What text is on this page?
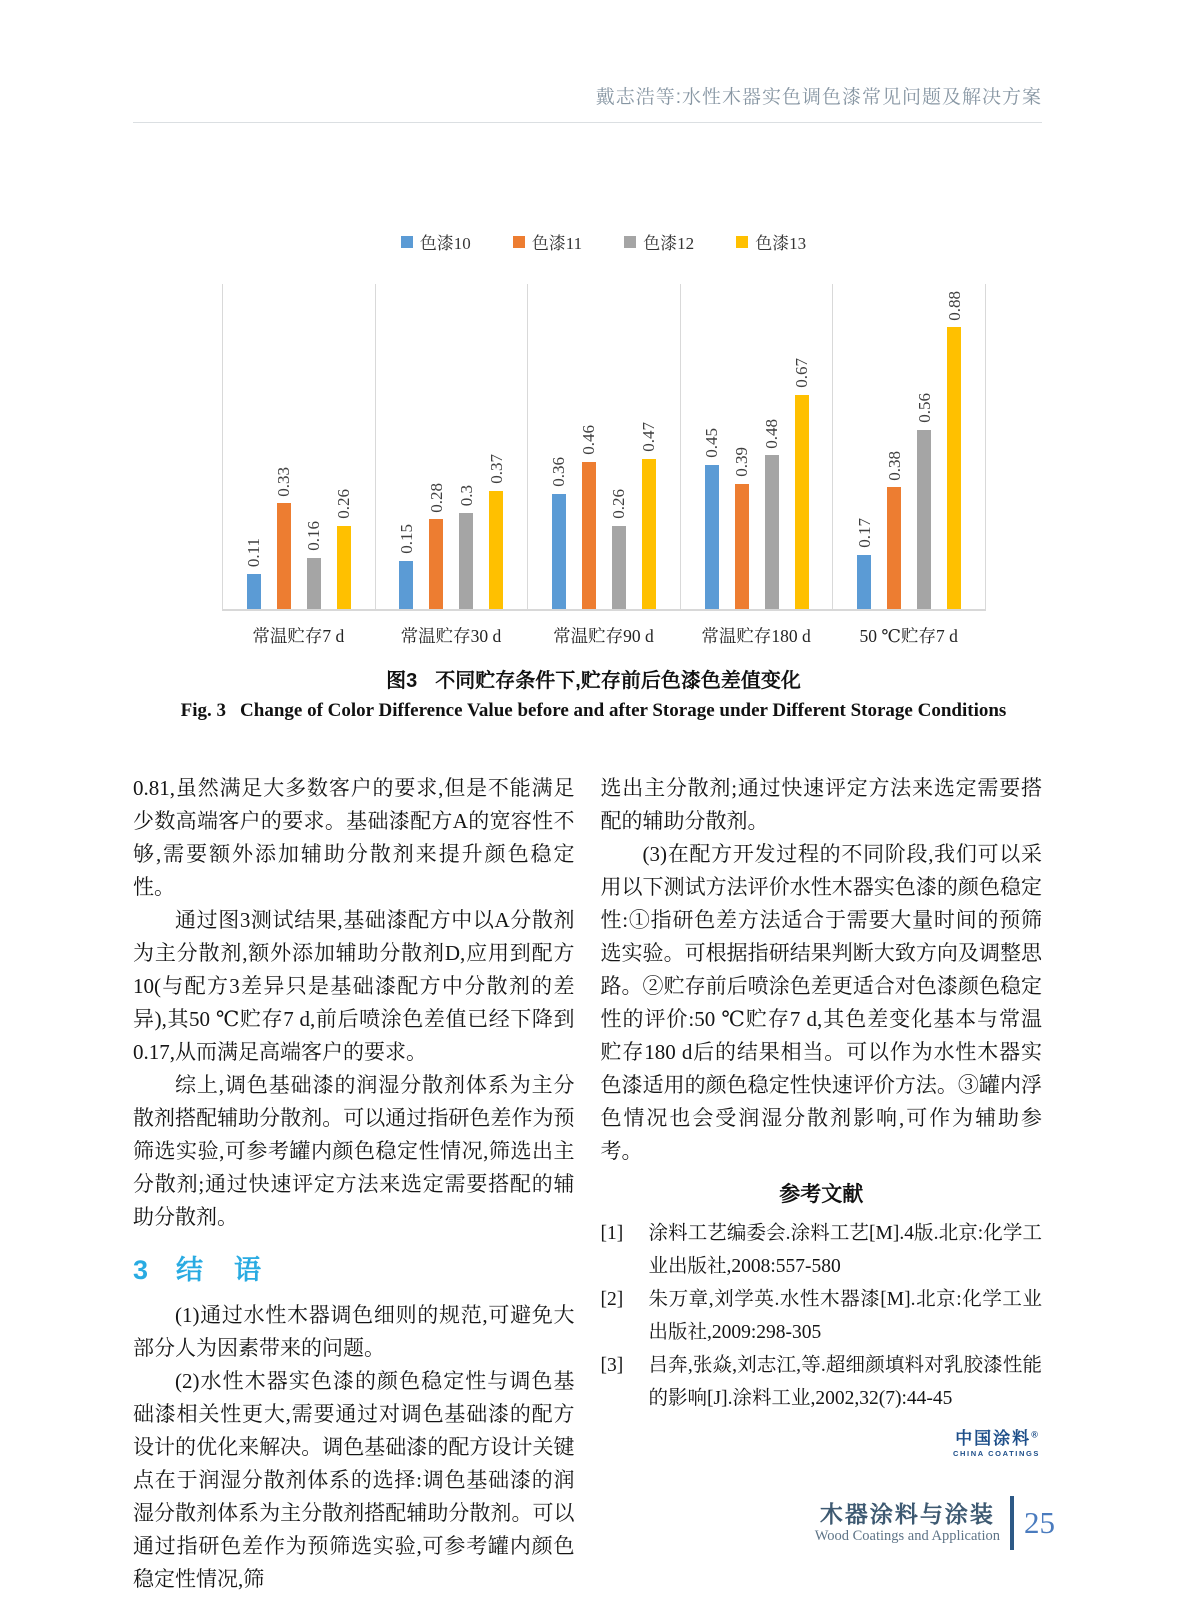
戴志浩等:水性木器实色调色漆常见问题及解决方案
色漆10	色漆11	色漆12	色漆13
0.11
0.33
0.16
0.26
0.15
0.28 0.3
0.37	0.36
0.46
0.26
0.47	0.45
0.39
0.48
0.67
0.17
0.38
0.56
0.88
常温贮存7 d	常温贮存30 d	常温贮存90 d	常温贮存180 d	50 ℃贮存7 d
图3 不同贮存条件下,贮存前后色漆色差值变化
Fig. 3 Change of Color Difference Value before and after Storage under Different Storage Conditions

0.81,虽然满足大多数客户的要求,但是不能满足少数高端客户的要求。基础漆配方A的宽容性不够,需要额外添加辅助分散剂来提升颜色稳定性。

通过图3测试结果,基础漆配方中以A分散剂为主分散剂,额外添加辅助分散剂D,应用到配方10(与配方3差异只是基础漆配方中分散剂的差异),其50 ℃贮存7 d,前后喷涂色差值已经下降到0.17,从而满足高端客户的要求。

综上,调色基础漆的润湿分散剂体系为主分散剂搭配辅助分散剂。可以通过指研色差作为预筛选实验,可参考罐内颜色稳定性情况,筛选出主分散剂;通过快速评定方法来选定需要搭配的辅助分散剂。

3 结　语

(1)通过水性木器调色细则的规范,可避免大部分人为因素带来的问题。

(2)水性木器实色漆的颜色稳定性与调色基础漆相关性更大,需要通过对调色基础漆的配方设计的优化来解决。调色基础漆的配方设计关键点在于润湿分散剂体系的选择:调色基础漆的润湿分散剂体系为主分散剂搭配辅助分散剂。可以通过指研色差作为预筛选实验,可参考罐内颜色稳定性情况,筛

选出主分散剂;通过快速评定方法来选定需要搭配的辅助分散剂。

(3)在配方开发过程的不同阶段,我们可以采用以下测试方法评价水性木器实色漆的颜色稳定性:①指研色差方法适合于需要大量时间的预筛选实验。可根据指研结果判断大致方向及调整思路。②贮存前后喷涂色差更适合对色漆颜色稳定性的评价:50 ℃贮存7 d,其色差变化基本与常温贮存180 d后的结果相当。可以作为水性木器实色漆适用的颜色稳定性快速评价方法。③罐内浮色情况也会受润湿分散剂影响,可作为辅助参考。

参考文献
[1]	涂料工艺编委会.涂料工艺[M].4版.北京:化学工业出版社,2008:557-580
[2]	朱万章,刘学英.水性木器漆[M].北京:化学工业出版社,2009:298-305
[3]	吕奔,张焱,刘志江,等.超细颜填料对乳胶漆性能的影响[J].涂料工业,2002,32(7):44-45
中国涂料®
CHINA COATINGS
木器涂料与涂装
Wood Coatings and Application 25
